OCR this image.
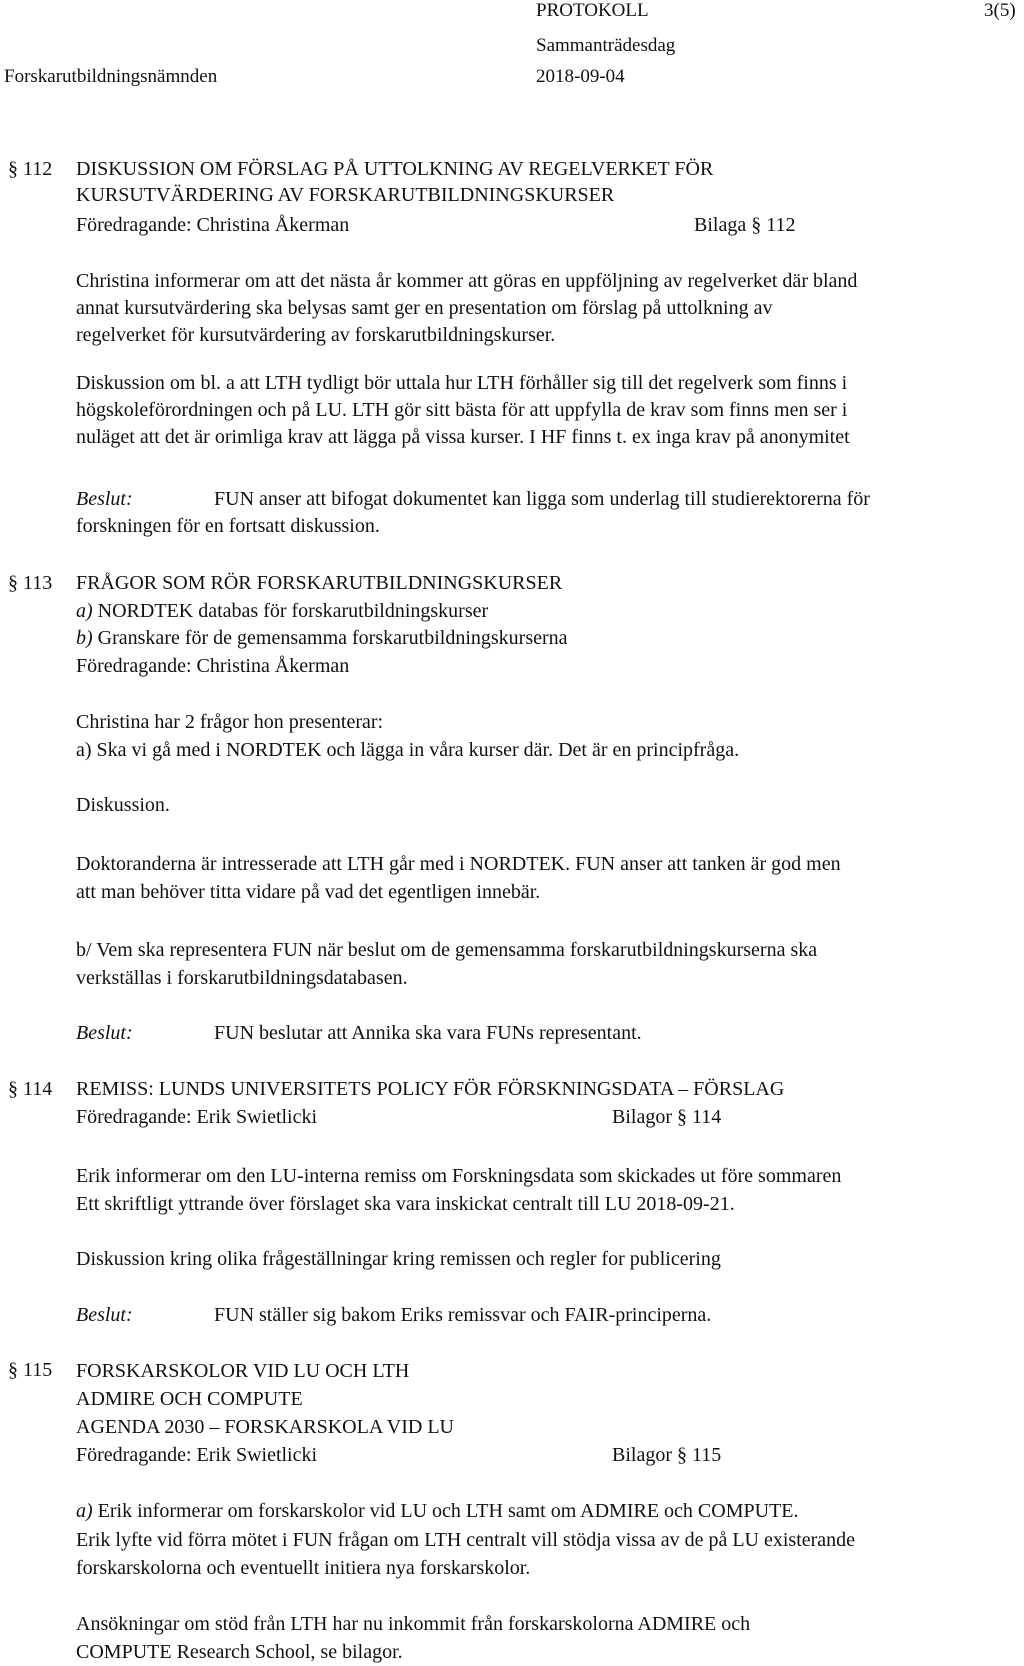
PROTOKOLL
Sammanträdesdag
2018-09-04
Forskarutbildningsnämnden
3(5)
§ 112 DISKUSSION OM FÖRSLAG PÅ UTTOLKNING AV REGELVERKET FÖR
KURSUTVÄRDERING AV FORSKARUTBILDNINGSKURSER
Föredragande: Christina Åkerman	Bilaga § 112
Christina informerar om att det nästa år kommer att göras en uppföljning av regelverket där bland
annat kursutvärdering ska belysas samt ger en presentation om förslag på uttolkning av
regelverket för kursutvärdering av forskarutbildningskurser.
Diskussion om bl. a att LTH tydligt bör uttala hur LTH förhåller sig till det regelverk som finns i
högskoleförordningen och på LU. LTH gör sitt bästa för att uppfylla de krav som finns men ser i
nuläget att det är orimliga krav att lägga på vissa kurser. I HF finns t. ex inga krav på anonymitet
Beslut:	FUN anser att bifogat dokumentet kan ligga som underlag till studierektorerna för
forskningen för en fortsatt diskussion.
§ 113 FRÅGOR SOM RÖR FORSKARUTBILDNINGSKURSER
a) NORDTEK databas för forskarutbildningskurser
b) Granskare för de gemensamma forskarutbildningskurserna
Föredragande: Christina Åkerman
Christina har 2 frågor hon presenterar:
a) Ska vi gå med i NORDTEK och lägga in våra kurser där. Det är en principfråga.
Diskussion.
Doktoranderna är intresserade att LTH går med i NORDTEK. FUN anser att tanken är god men
att man behöver titta vidare på vad det egentligen innebär.
b/ Vem ska representera FUN när beslut om de gemensamma forskarutbildningskurserna ska
verkställas i forskarutbildningsdatabasen.
Beslut:	FUN beslutar att Annika ska vara FUNs representant.
§ 114 REMISS: LUNDS UNIVERSITETS POLICY FÖR FÖRSKNINGSDATA – FÖRSLAG
Föredragande: Erik Swietlicki	Bilagor § 114
Erik informerar om den LU-interna remiss om Forskningsdata som skickades ut före sommaren
Ett skriftligt yttrande över förslaget ska vara inskickat centralt till LU 2018-09-21.
Diskussion kring olika frågeställningar kring remissen och regler for publicering
Beslut:	FUN ställer sig bakom Eriks remissvar och FAIR-principerna.
§ 115 FORSKARSKOLOR VID LU OCH LTH
ADMIRE OCH COMPUTE
AGENDA 2030 – FORSKARSKOLA VID LU
Föredragande: Erik Swietlicki	Bilagor § 115
a) Erik informerar om forskarskolor vid LU och LTH samt om ADMIRE och COMPUTE.
Erik lyfte vid förra mötet i FUN frågan om LTH centralt vill stödja vissa av de på LU existerande
forskarskolorna och eventuellt initiera nya forskarskolor.
Ansökningar om stöd från LTH har nu inkommit från forskarskolorna ADMIRE och
COMPUTE Research School, se bilagor.
